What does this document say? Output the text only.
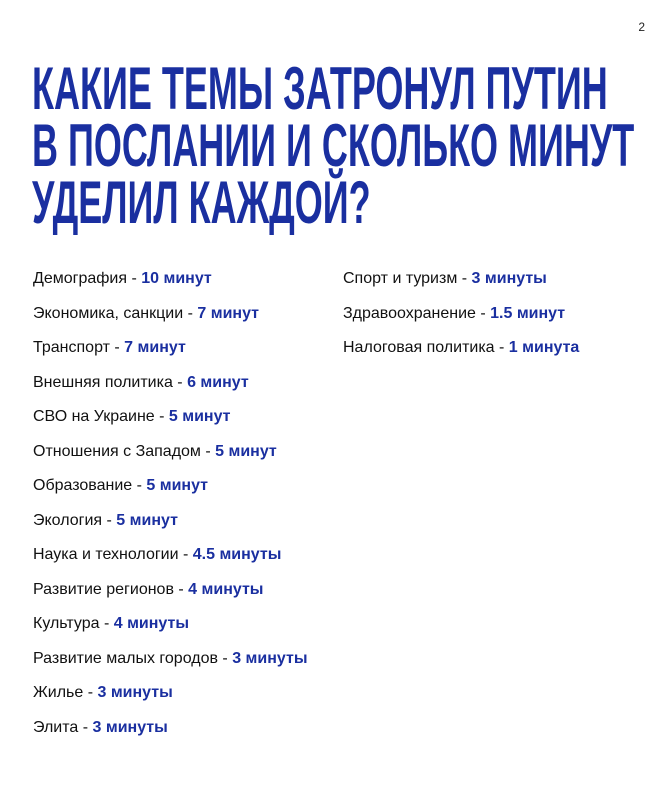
2
КАКИЕ ТЕМЫ ЗАТРОНУЛ ПУТИН
В ПОСЛАНИИ И СКОЛЬКО МИНУТ
УДЕЛИЛ КАЖДОЙ?
Демография - 10 минут
Экономика, санкции - 7 минут
Транспорт - 7 минут
Внешняя политика - 6 минут
СВО на Украине - 5 минут
Отношения с Западом - 5 минут
Образование - 5 минут
Экология - 5 минут
Наука и технологии - 4.5 минуты
Развитие регионов - 4 минуты
Культура - 4 минуты
Развитие малых городов - 3 минуты
Жилье - 3 минуты
Элита - 3 минуты
Спорт и туризм - 3 минуты
Здравоохранение - 1.5 минут
Налоговая политика - 1 минута
